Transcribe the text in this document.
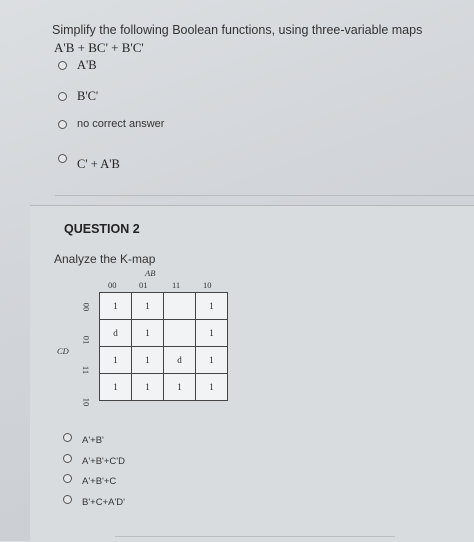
Simplify the following Boolean functions, using three-variable maps
A'B + BC' + B'C'
A'B
B'C'
no correct answer
C' + A'B
QUESTION 2
Analyze the K-map
AB
00	01	11	10
CD
00
01
11
10
1	1		1
d	1		1
1	1	d	1
1	1	1	1
A'+B'
A'+B'+C'D
A'+B'+C
B'+C+A'D'
